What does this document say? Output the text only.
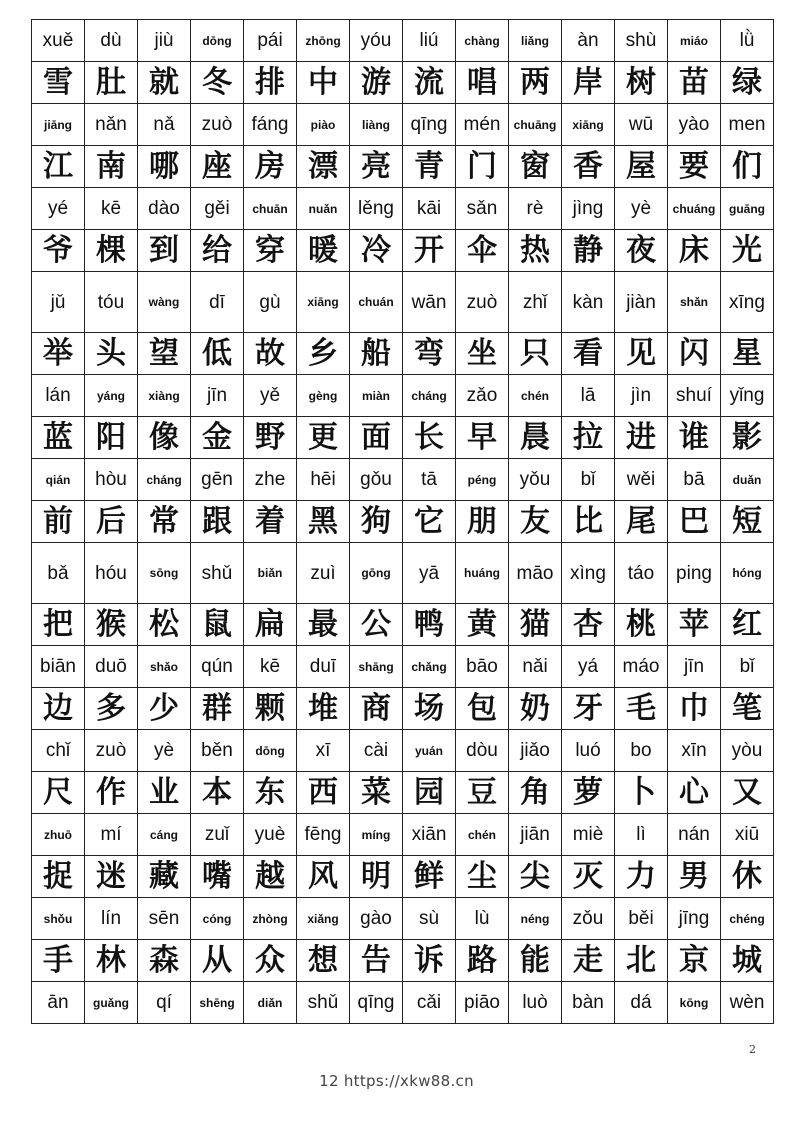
xuě	dù	jiù	dōng	pái	zhōng	yóu	liú	chàng	liǎng	àn	shù	miáo	lǜ
雪	肚	就	冬	排	中	游	流	唱	两	岸	树	苗	绿
jiāng	nǎn	nǎ	zuò	fáng	piào	liàng	qīng	mén	chuāng	xiāng	wū	yào	men
江	南	哪	座	房	漂	亮	青	门	窗	香	屋	要	们
yé	kē	dào	gěi	chuān	nuǎn	lěng	kāi	sǎn	rè	jìng	yè	chuáng	guāng
爷	棵	到	给	穿	暖	冷	开	伞	热	静	夜	床	光
jǔ	tóu	wàng	dī	gù	xiāng	chuán	wān	zuò	zhǐ	kàn	jiàn	shǎn	xīng
举	头	望	低	故	乡	船	弯	坐	只	看	见	闪	星
lán	yáng	xiàng	jīn	yě	gèng	miàn	cháng	zǎo	chén	lā	jìn	shuí	yǐng
蓝	阳	像	金	野	更	面	长	早	晨	拉	进	谁	影
qián	hòu	cháng	gēn	zhe	hēi	gǒu	tā	péng	yǒu	bǐ	wěi	bā	duǎn
前	后	常	跟	着	黑	狗	它	朋	友	比	尾	巴	短
bǎ	hóu	sōng	shǔ	biǎn	zuì	gōng	yā	huáng	māo	xìng	táo	ping	hóng
把	猴	松	鼠	扁	最	公	鸭	黄	猫	杏	桃	苹	红
biān	duō	shǎo	qún	kē	duī	shāng	chǎng	bāo	nǎi	yá	máo	jīn	bǐ
边	多	少	群	颗	堆	商	场	包	奶	牙	毛	巾	笔
chǐ	zuò	yè	běn	dōng	xī	cài	yuán	dòu	jiǎo	luó	bo	xīn	yòu
尺	作	业	本	东	西	菜	园	豆	角	萝	卜	心	又
zhuō	mí	cáng	zuǐ	yuè	fēng	míng	xiān	chén	jiān	miè	lì	nán	xiū
捉	迷	藏	嘴	越	风	明	鲜	尘	尖	灭	力	男	休
shǒu	lín	sēn	cóng	zhòng	xiǎng	gào	sù	lù	néng	zǒu	běi	jīng	chéng
手	林	森	从	众	想	告	诉	路	能	走	北	京	城
ān	guǎng	qí	shēng	diǎn	shǔ	qīng	cǎi	piāo	luò	bàn	dá	kōng	wèn
2
12 https://xkw88.cn
